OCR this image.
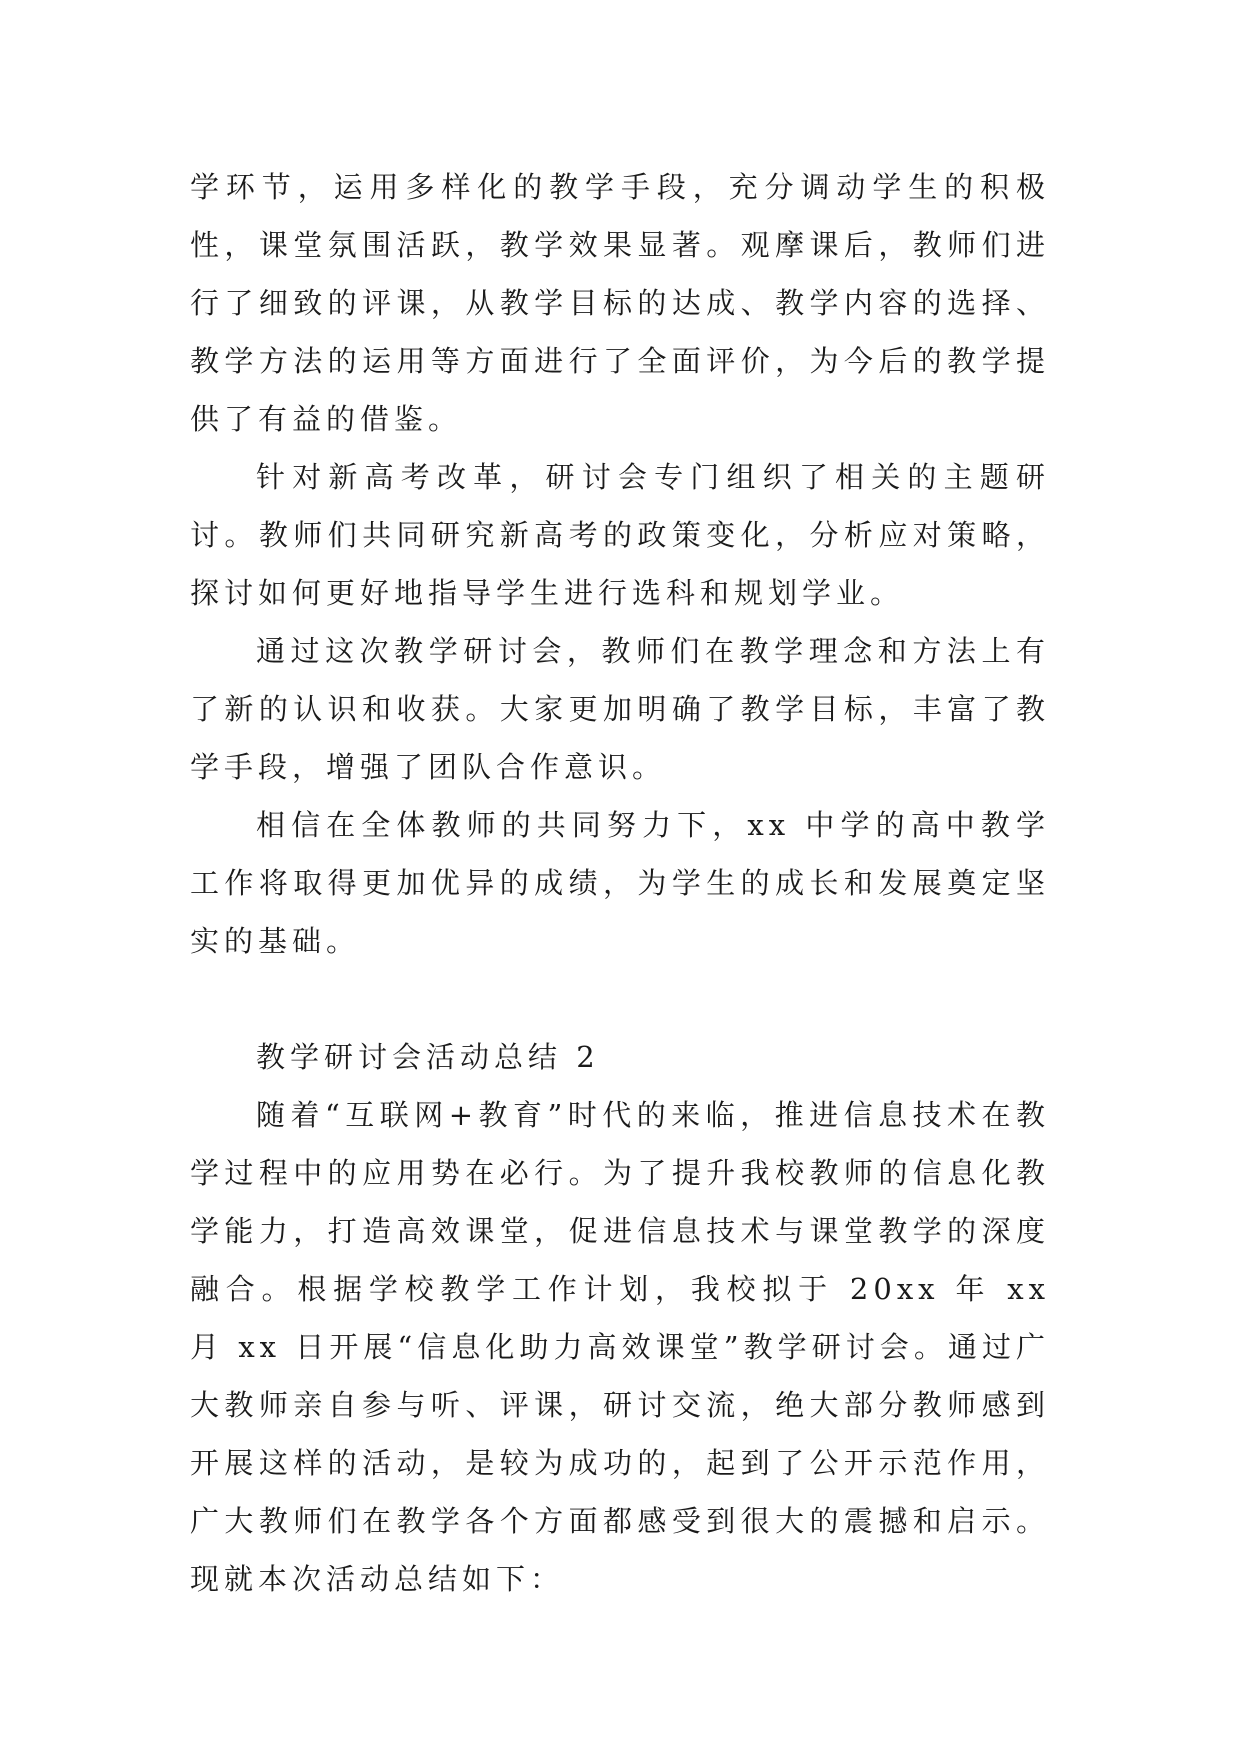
学环节，运用多样化的教学手段，充分调动学生的积极性，课堂氛围活跃，教学效果显著。观摩课后，教师们进行了细致的评课，从教学目标的达成、教学内容的选择、教学方法的运用等方面进行了全面评价，为今后的教学提供了有益的借鉴。

针对新高考改革，研讨会专门组织了相关的主题研讨。教师们共同研究新高考的政策变化，分析应对策略，探讨如何更好地指导学生进行选科和规划学业。

通过这次教学研讨会，教师们在教学理念和方法上有了新的认识和收获。大家更加明确了教学目标，丰富了教学手段，增强了团队合作意识。

相信在全体教师的共同努力下，xx 中学的高中教学工作将取得更加优异的成绩，为学生的成长和发展奠定坚实的基础。

教学研讨会活动总结 2

随着“互联网+教育”时代的来临，推进信息技术在教学过程中的应用势在必行。为了提升我校教师的信息化教学能力，打造高效课堂，促进信息技术与课堂教学的深度融合。根据学校教学工作计划，我校拟于 20xx 年 xx 月 xx 日开展“信息化助力高效课堂”教学研讨会。通过广大教师亲自参与听、评课，研讨交流，绝大部分教师感到开展这样的活动，是较为成功的，起到了公开示范作用，广大教师们在教学各个方面都感受到很大的震撼和启示。现就本次活动总结如下：
